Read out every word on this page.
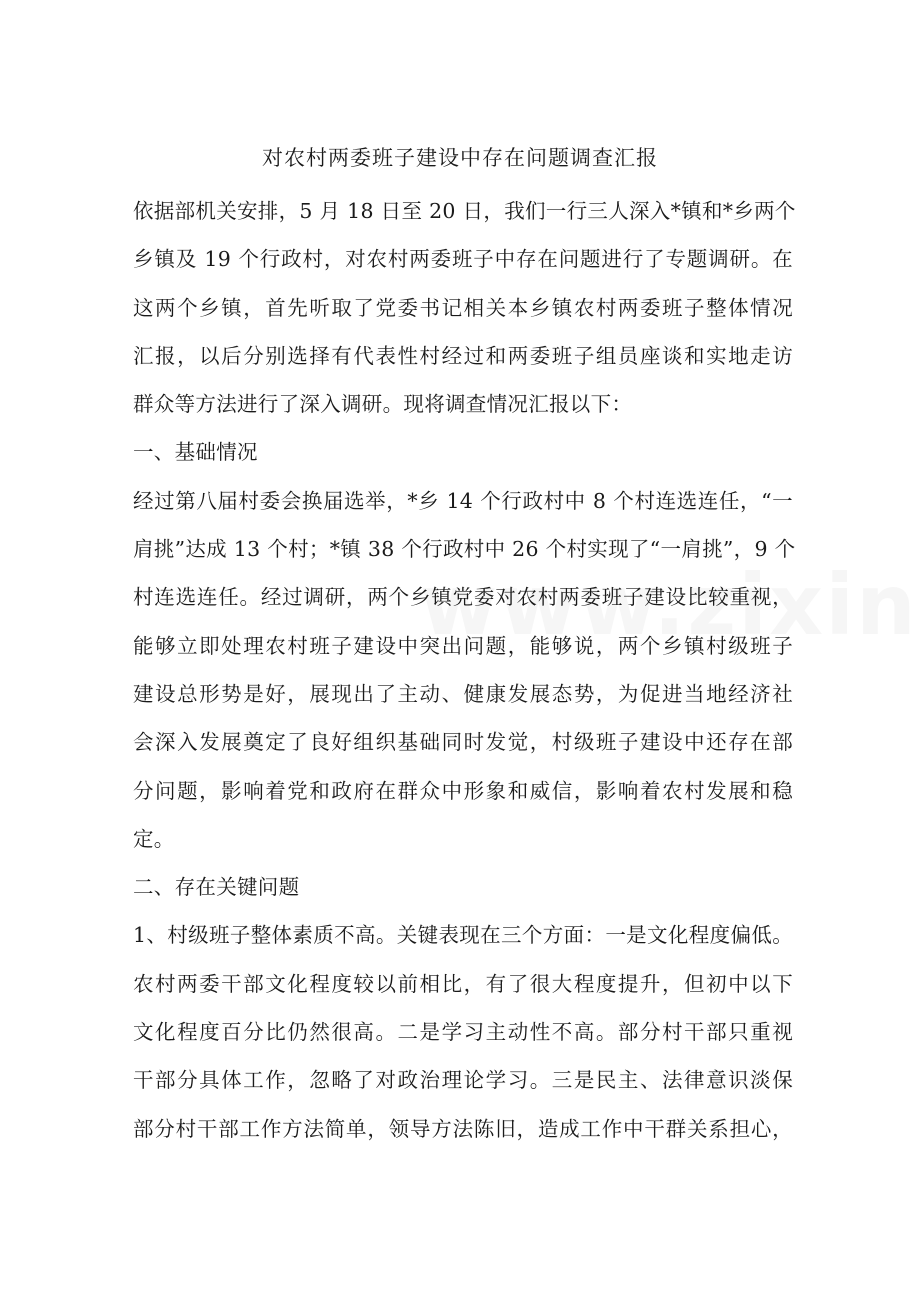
对农村两委班子建设中存在问题调查汇报
依据部机关安排，5 月 18 日至 20 日，我们一行三人深入*镇和*乡两个
乡镇及 19 个行政村，对农村两委班子中存在问题进行了专题调研。在
这两个乡镇，首先听取了党委书记相关本乡镇农村两委班子整体情况
汇报，以后分别选择有代表性村经过和两委班子组员座谈和实地走访
群众等方法进行了深入调研。现将调查情况汇报以下：
一、基础情况
经过第八届村委会换届选举，*乡 14 个行政村中 8 个村连选连任，“一
肩挑”达成 13 个村；*镇 38 个行政村中 26 个村实现了“一肩挑”，9 个
村连选连任。经过调研，两个乡镇党委对农村两委班子建设比较重视，
能够立即处理农村班子建设中突出问题，能够说，两个乡镇村级班子
建设总形势是好，展现出了主动、健康发展态势，为促进当地经济社
会深入发展奠定了良好组织基础同时发觉，村级班子建设中还存在部
分问题，影响着党和政府在群众中形象和威信，影响着农村发展和稳
定。
二、存在关键问题
1、村级班子整体素质不高。关键表现在三个方面：一是文化程度偏低。
农村两委干部文化程度较以前相比，有了很大程度提升，但初中以下
文化程度百分比仍然很高。二是学习主动性不高。部分村干部只重视
干部分具体工作，忽略了对政治理论学习。三是民主、法律意识淡保
部分村干部工作方法简单，领导方法陈旧，造成工作中干群关系担心，
